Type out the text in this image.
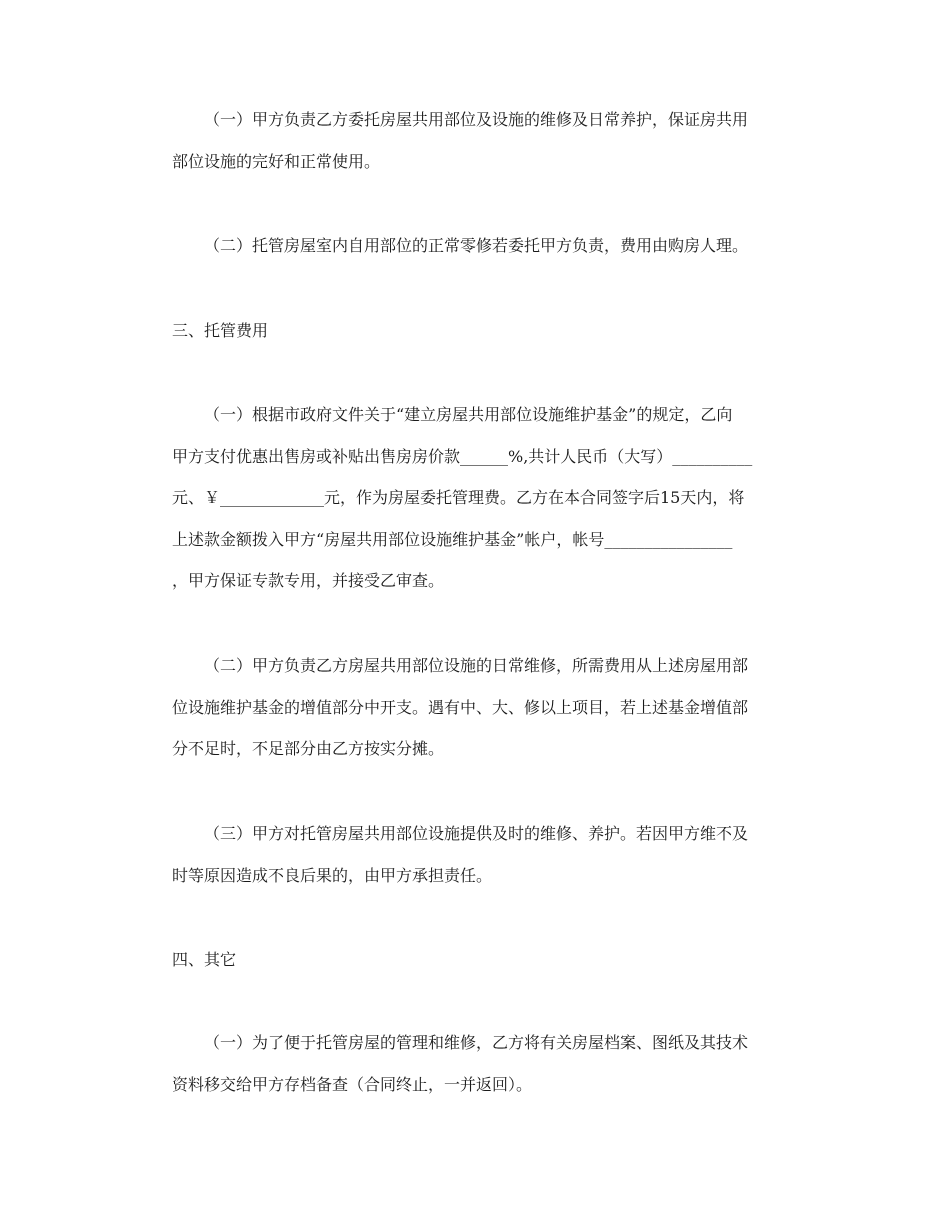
（一）甲方负责乙方委托房屋共用部位及设施的维修及日常养护，保证房共用
部位设施的完好和正常使用。
（二）托管房屋室内自用部位的正常零修若委托甲方负责，费用由购房人理。
三、托管费用
（一）根据市政府文件关于“建立房屋共用部位设施维护基金”的规定，乙向
甲方支付优惠出售房或补贴出售房房价款______%,共计人民币（大写）__________
元、￥_____________元，作为房屋委托管理费。乙方在本合同签字后15天内，将
上述款金额拨入甲方“房屋共用部位设施维护基金”帐户，帐号________________
，甲方保证专款专用，并接受乙审查。
（二）甲方负责乙方房屋共用部位设施的日常维修，所需费用从上述房屋用部
位设施维护基金的增值部分中开支。遇有中、大、修以上项目，若上述基金增值部
分不足时，不足部分由乙方按实分摊。
（三）甲方对托管房屋共用部位设施提供及时的维修、养护。若因甲方维不及
时等原因造成不良后果的，由甲方承担责任。
四、其它
（一）为了便于托管房屋的管理和维修，乙方将有关房屋档案、图纸及其技术
资料移交给甲方存档备查（合同终止，一并返回）。
